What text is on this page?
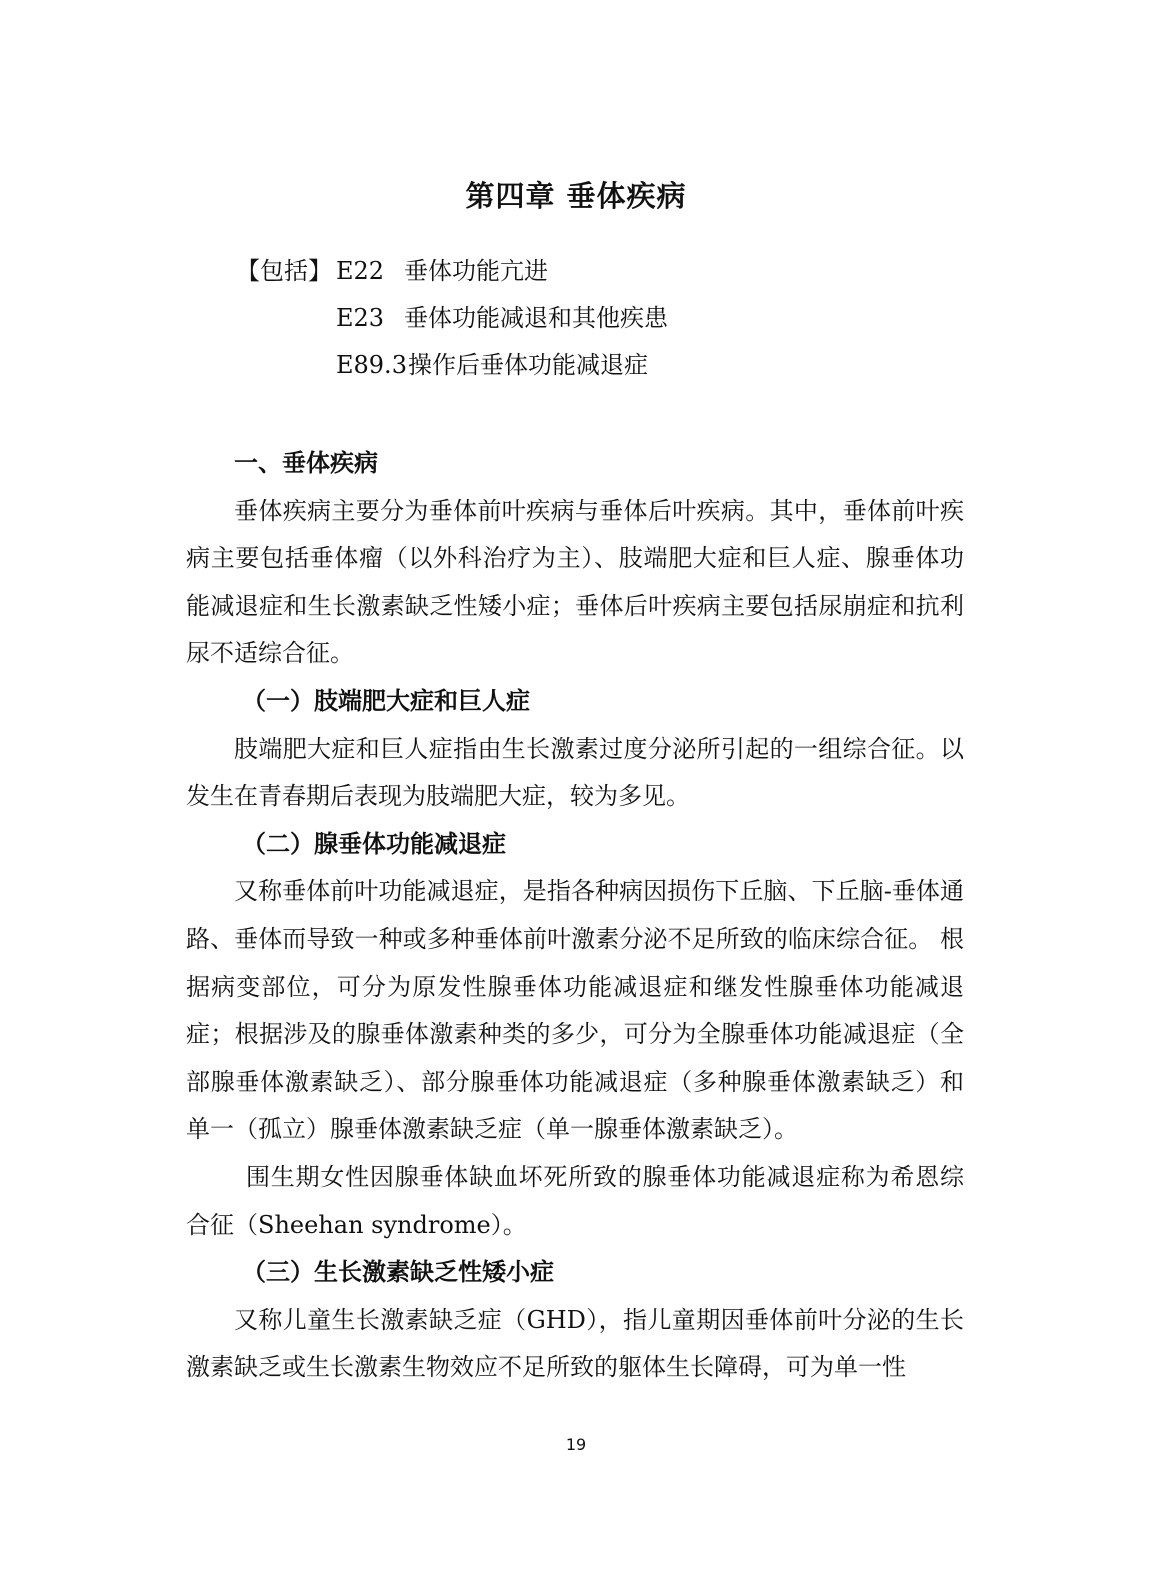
第四章 垂体疾病
【包括】 E22 垂体功能亢进
E23 垂体功能减退和其他疾患
E89.3 操作后垂体功能减退症

一、垂体疾病

垂体疾病主要分为垂体前叶疾病与垂体后叶疾病。其中，垂体前叶疾病主要包括垂体瘤（以外科治疗为主）、肢端肥大症和巨人症、腺垂体功能减退症和生长激素缺乏性矮小症；垂体后叶疾病主要包括尿崩症和抗利尿不适综合征。

（一）肢端肥大症和巨人症

肢端肥大症和巨人症指由生长激素过度分泌所引起的一组综合征。以发生在青春期后表现为肢端肥大症，较为多见。

（二）腺垂体功能减退症

又称垂体前叶功能减退症，是指各种病因损伤下丘脑、下丘脑-垂体通路、垂体而导致一种或多种垂体前叶激素分泌不足所致的临床综合征。 根据病变部位，可分为原发性腺垂体功能减退症和继发性腺垂体功能减退症；根据涉及的腺垂体激素种类的多少，可分为全腺垂体功能减退症（全部腺垂体激素缺乏）、部分腺垂体功能减退症（多种腺垂体激素缺乏）和单一（孤立）腺垂体激素缺乏症（单一腺垂体激素缺乏）。

围生期女性因腺垂体缺血坏死所致的腺垂体功能减退症称为希恩综合征（Sheehan syndrome）。

（三）生长激素缺乏性矮小症

又称儿童生长激素缺乏症（GHD），指儿童期因垂体前叶分泌的生长激素缺乏或生长激素生物效应不足所致的躯体生长障碍，可为单一性

19
